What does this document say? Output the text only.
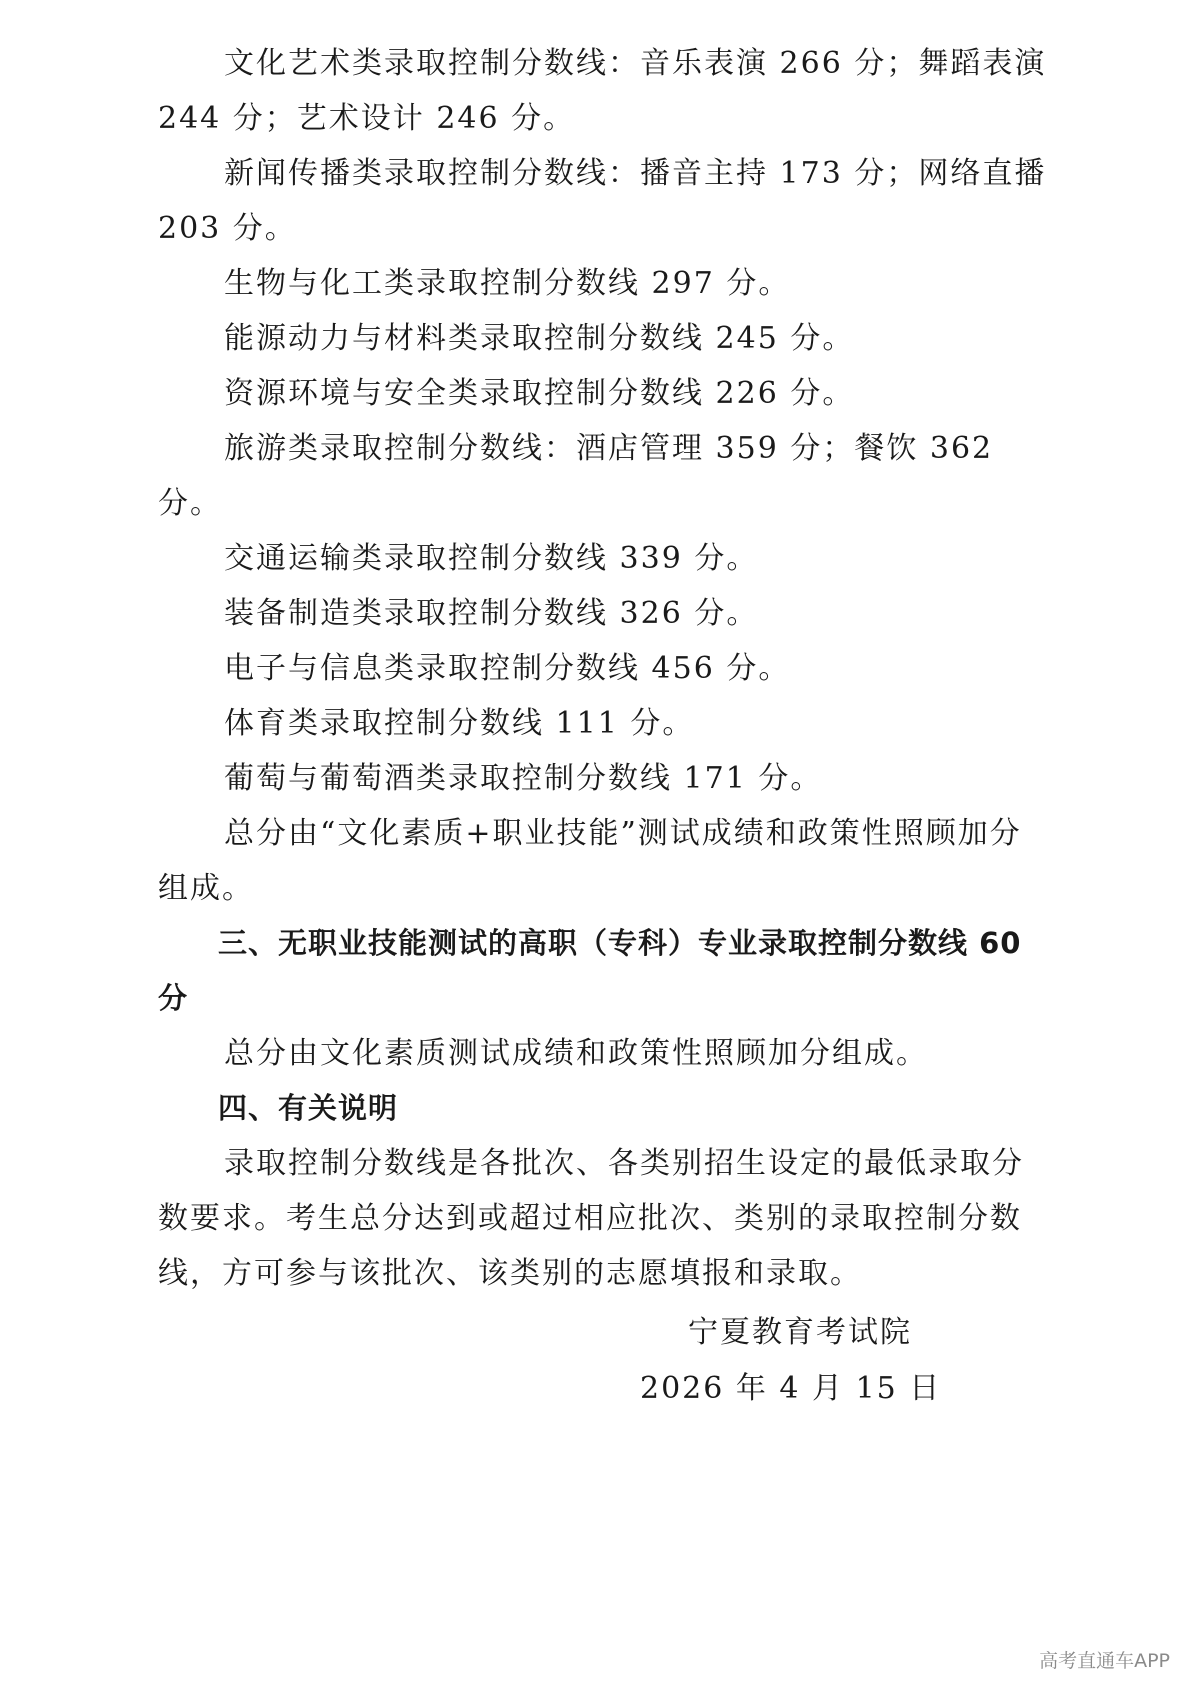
文化艺术类录取控制分数线：音乐表演 266 分；舞蹈表演 244 分；艺术设计 246 分。

新闻传播类录取控制分数线：播音主持 173 分；网络直播 203 分。

生物与化工类录取控制分数线 297 分。

能源动力与材料类录取控制分数线 245 分。

资源环境与安全类录取控制分数线 226 分。

旅游类录取控制分数线：酒店管理 359 分；餐饮 362 分。

交通运输类录取控制分数线 339 分。

装备制造类录取控制分数线 326 分。

电子与信息类录取控制分数线 456 分。

体育类录取控制分数线 111 分。

葡萄与葡萄酒类录取控制分数线 171 分。

总分由“文化素质+职业技能”测试成绩和政策性照顾加分组成。

三、无职业技能测试的高职（专科）专业录取控制分数线 60 分

总分由文化素质测试成绩和政策性照顾加分组成。

四、有关说明

录取控制分数线是各批次、各类别招生设定的最低录取分数要求。考生总分达到或超过相应批次、类别的录取控制分数线，方可参与该批次、该类别的志愿填报和录取。

宁夏教育考试院
2026 年 4 月 15 日
高考直通车APP
